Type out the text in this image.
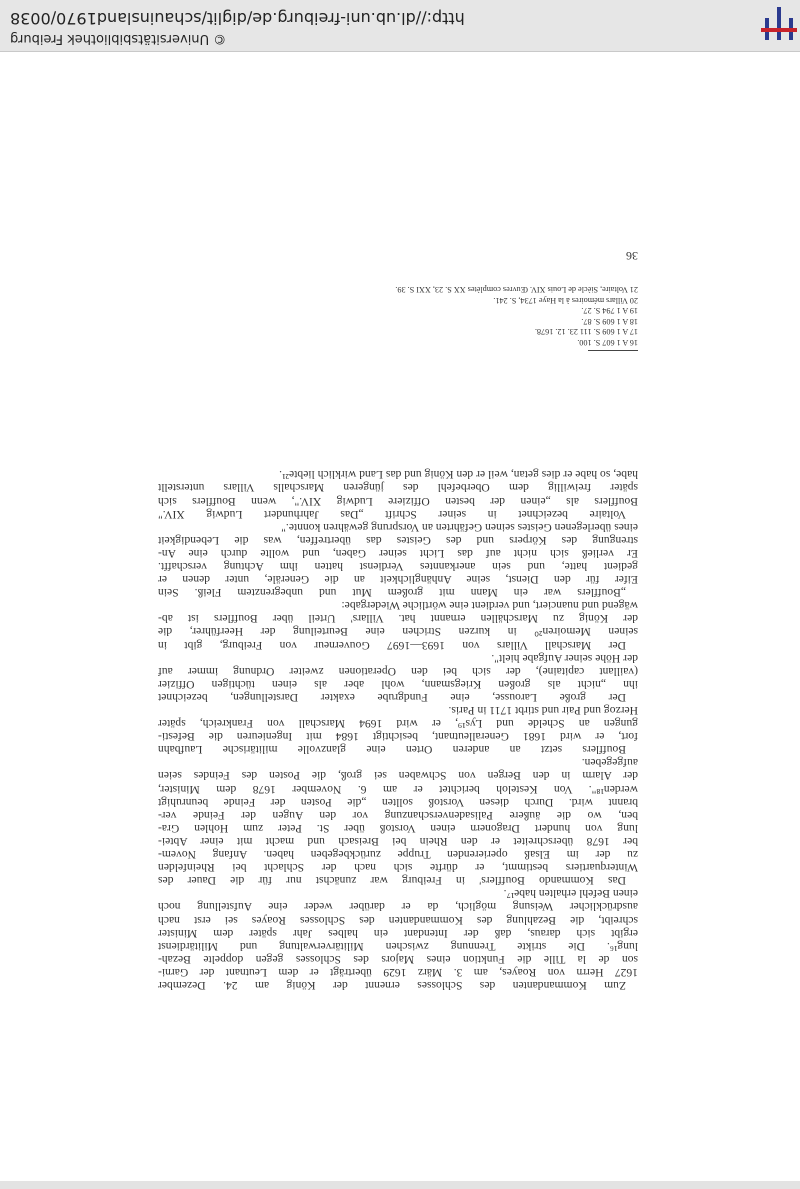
© Universitätsbibliothek Freiburg
http://dl.ub.uni-freiburg.de/diglit/schauinsland1970/0038

Zum Kommandanten des Schlosses ernennt der König am 24. Dezember
1627 Herrn von Roayes, am 3. März 1629 überträgt er dem Leutnant der Garni-
son de la Tille die Funktion eines Majors des Schlosses gegen doppelte Bezah-
lung¹⁶. Die strikte Trennung zwischen Militärverwaltung und Militärdienst
ergibt sich daraus, daß der Intendant ein halbes Jahr später dem Minister
schreibt, die Bezahlung des Kommandanten des Schlosses Roayes sei erst nach
ausdrücklicher Weisung möglich, da er darüber weder eine Aufstellung noch
einen Befehl erhalten habe¹⁷.

Das Kommando Boufflers' in Freiburg war zunächst nur für die Dauer des
Winterquartiers bestimmt, er dürfte sich nach der Schlacht bei Rheinfelden
zu der im Elsaß operierenden Truppe zurückbegeben haben. Anfang Novem-
ber 1678 überschreitet er den Rhein bei Breisach und macht mit einer Abtei-
lung von hundert Dragonern einen Vorstoß über St. Peter zum Hohlen Gra-
ben, wo die äußere Palisadenverschanzung vor den Augen der Feinde ver-
brannt wird. Durch diesen Vorstoß sollten „die Posten der Feinde beunruhigt
werden¹⁸". Von Kesteloh berichtet er am 6. November 1678 dem Minister,
der Alarm in den Bergen von Schwaben sei groß, die Posten des Feindes seien
aufgegeben.

Boufflers setzt an anderen Orten eine glanzvolle militärische Laufbahn
fort, er wird 1681 Generalleutnant, besichtigt 1684 mit Ingenieuren die Befesti-
gungen an Schelde und Lys¹⁹, er wird 1694 Marschall von Frankreich, später
Herzog und Pair und stirbt 1711 in Paris.

Der große Larousse, eine Fundgrube exakter Darstellungen, bezeichnet
ihn „nicht als großen Kriegsmann, wohl aber als einen tüchtigen Offizier
(vaillant capitaine), der sich bei den Operationen zweiter Ordnung immer auf
der Höhe seiner Aufgabe hielt".

Der Marschall Villars von 1693—1697 Gouverneur von Freiburg, gibt in
seinen Memoiren²⁰ in kurzen Strichen eine Beurteilung der Heerführer, die
der König zu Marschällen ernannt hat. Villars' Urteil über Boufflers ist ab-
wägend und nuanciert, und verdient eine wörtliche Wiedergabe:

„Boufflers war ein Mann mit großem Mut und unbegrenztem Fleiß. Sein
Eifer für den Dienst, seine Anhänglichkeit an die Generäle, unter denen er
gedient hatte, und sein anerkanntes Verdienst hatten ihm Achtung verschafft.
Er verließ sich nicht auf das Licht seiner Gaben, und wollte durch eine An-
strengung des Körpers und des Geistes das übertreffen, was die Lebendigkeit
eines überlegenen Geistes seinen Gefährten an Vorsprung gewähren konnte."

Voltaire bezeichnet in seiner Schrift „Das Jahrhundert Ludwig XIV."
Boufflers als „einen der besten Offiziere Ludwig XIV.", wenn Boufflers sich
später freiwillig dem Oberbefehl des jüngeren Marschalls Villars unterstellt
habe, so habe er dies getan, weil er den König und das Land wirklich liebte²¹.

16 A 1 607 S. 100.
17 A 1 609 S. 111 23. 12. 1678.
18 A 1 609 S. 87.
19 A 1 794 S. 27.
20 Villars mémoires à la Haye 1734, S. 241.
21 Voltaire, Siècle de Louis XIV. Œuvres complètes XX S. 23, XXI S. 39.
36
